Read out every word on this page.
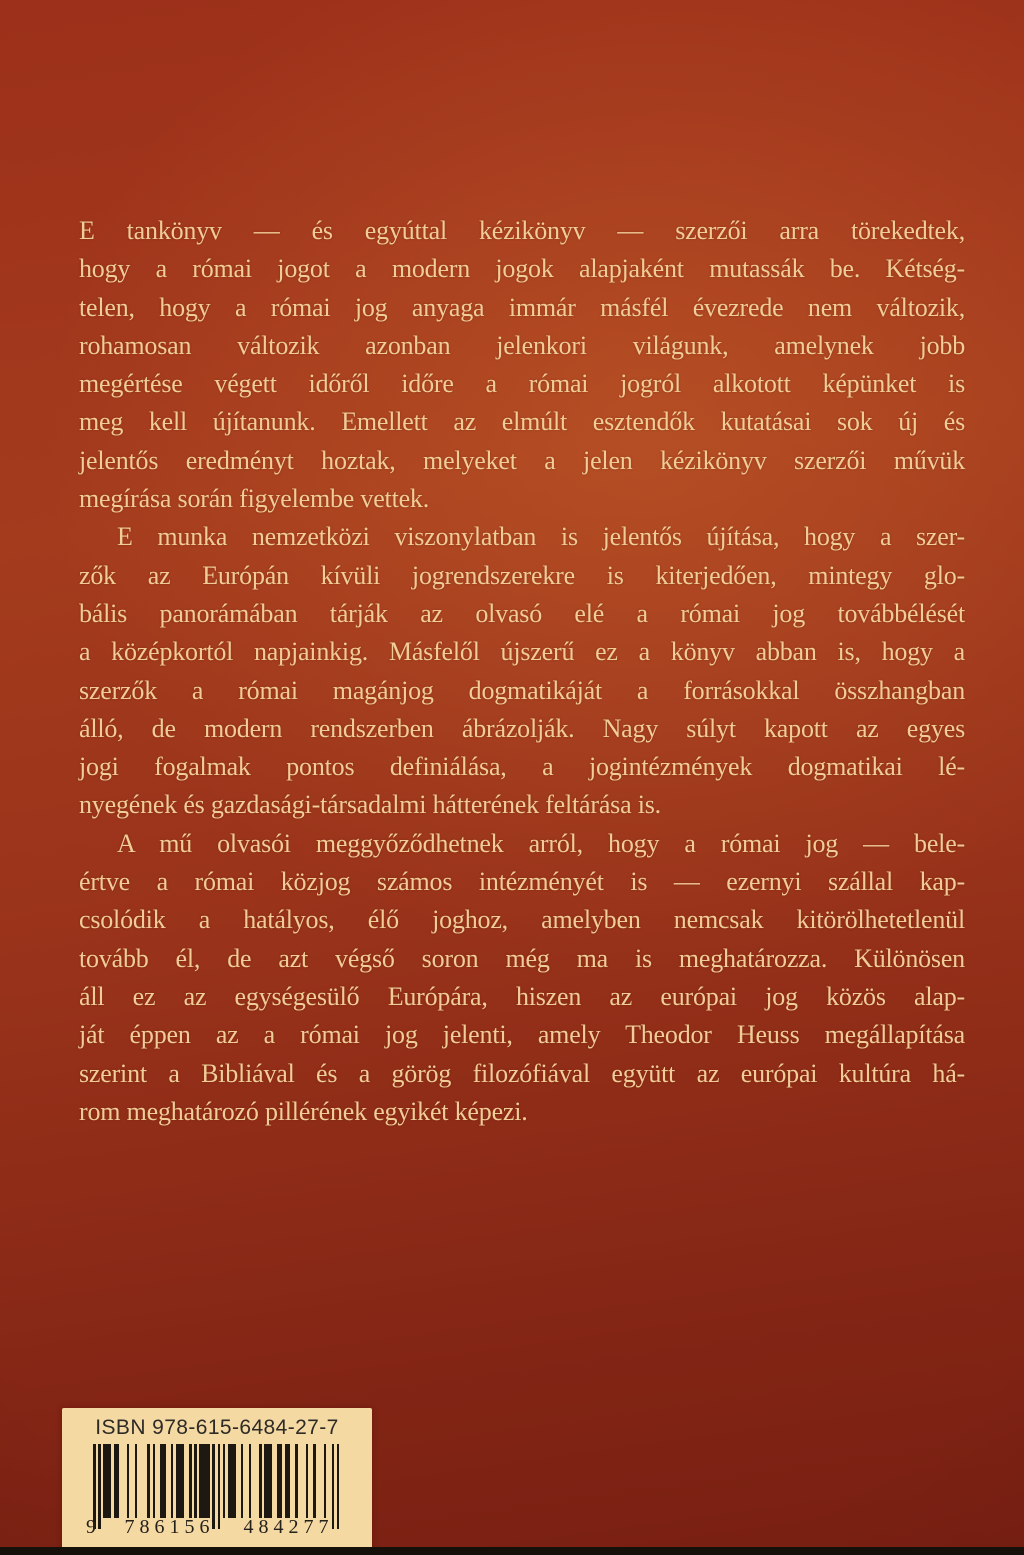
E tankönyv — és egyúttal kézikönyv — szerzői arra törekedtek,
hogy a római jogot a modern jogok alapjaként mutassák be. Kétség-
telen, hogy a római jog anyaga immár másfél évezrede nem változik,
rohamosan változik azonban jelenkori világunk, amelynek jobb
megértése végett időről időre a római jogról alkotott képünket is
meg kell újítanunk. Emellett az elmúlt esztendők kutatásai sok új és
jelentős eredményt hoztak, melyeket a jelen kézikönyv szerzői művük
megírása során figyelembe vettek.
E munka nemzetközi viszonylatban is jelentős újítása, hogy a szer-
zők az Európán kívüli jogrendszerekre is kiterjedően, mintegy glo-
bális panorámában tárják az olvasó elé a római jog továbbélését
a középkortól napjainkig. Másfelől újszerű ez a könyv abban is, hogy a
szerzők a római magánjog dogmatikáját a forrásokkal összhangban
álló, de modern rendszerben ábrázolják. Nagy súlyt kapott az egyes
jogi fogalmak pontos definiálása, a jogintézmények dogmatikai lé-
nyegének és gazdasági-társadalmi hátterének feltárása is.
A mű olvasói meggyőződhetnek arról, hogy a római jog — bele-
értve a római közjog számos intézményét is — ezernyi szállal kap-
csolódik a hatályos, élő joghoz, amelyben nemcsak kitörölhetetlenül
tovább él, de azt végső soron még ma is meghatározza. Különösen
áll ez az egységesülő Európára, hiszen az európai jog közös alap-
ját éppen az a római jog jelenti, amely Theodor Heuss megállapítása
szerint a Bibliával és a görög filozófiával együtt az európai kultúra há-
rom meghatározó pillérének egyikét képezi.
ISBN 978-615-6484-27-7
9	786156	484277
